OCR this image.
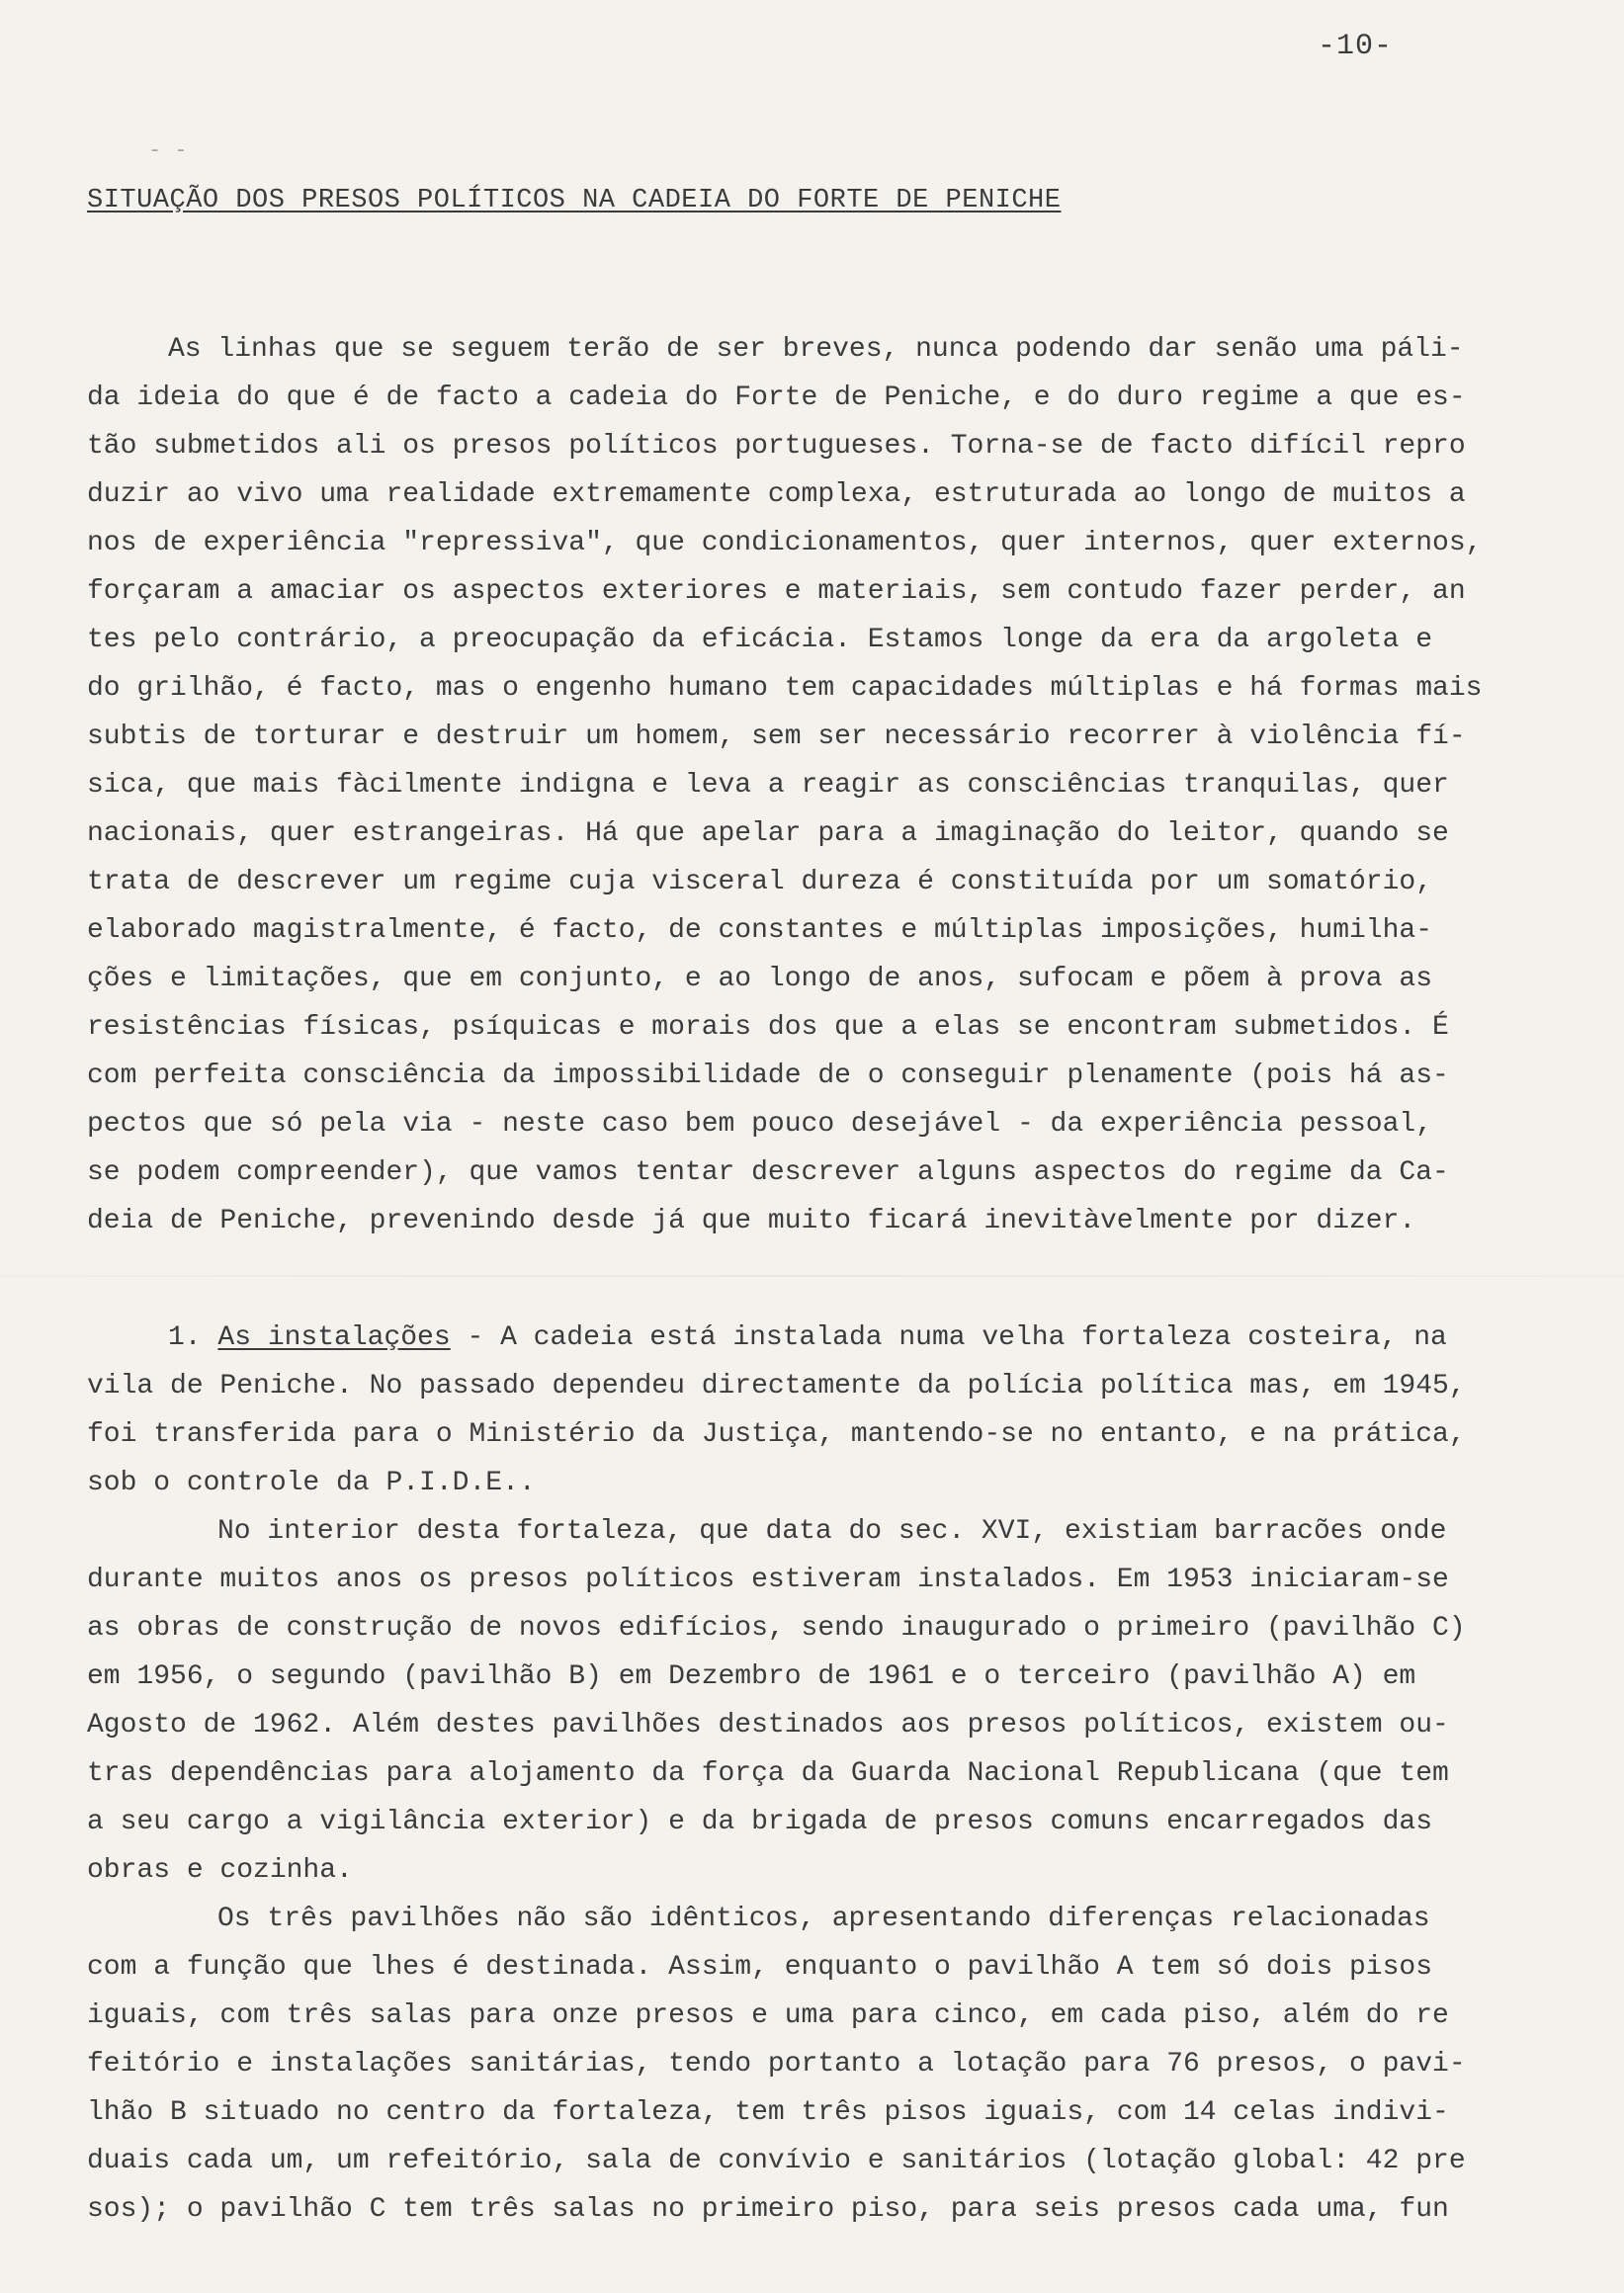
- -
-10-
SITUAÇÃO DOS PRESOS POLÍTICOS NA CADEIA DO FORTE DE PENICHE
As linhas que se seguem terão de ser breves, nunca podendo dar senão uma páli-
da ideia do que é de facto a cadeia do Forte de Peniche, e do duro regime a que es-
tão submetidos ali os presos políticos portugueses. Torna-se de facto difícil repro
duzir ao vivo uma realidade extremamente complexa, estruturada ao longo de muitos a
nos de experiência "repressiva", que condicionamentos, quer internos, quer externos,
forçaram a amaciar os aspectos exteriores e materiais, sem contudo fazer perder, an
tes pelo contrário, a preocupação da eficácia. Estamos longe da era da argoleta e
do grilhão, é facto, mas o engenho humano tem capacidades múltiplas e há formas mais
subtis de torturar e destruir um homem, sem ser necessário recorrer à violência fí-
sica, que mais fàcilmente indigna e leva a reagir as consciências tranquilas, quer
nacionais, quer estrangeiras. Há que apelar para a imaginação do leitor, quando se
trata de descrever um regime cuja visceral dureza é constituída por um somatório,
elaborado magistralmente, é facto, de constantes e múltiplas imposições, humilha-
ções e limitações, que em conjunto, e ao longo de anos, sufocam e põem à prova as
resistências físicas, psíquicas e morais dos que a elas se encontram submetidos. É
com perfeita consciência da impossibilidade de o conseguir plenamente (pois há as-
pectos que só pela via - neste caso bem pouco desejável - da experiência pessoal,
se podem compreender), que vamos tentar descrever alguns aspectos do regime da Ca-
deia de Peniche, prevenindo desde já que muito ficará inevitàvelmente por dizer.
1. As instalações - A cadeia está instalada numa velha fortaleza costeira, na
vila de Peniche. No passado dependeu directamente da polícia política mas, em 1945,
foi transferida para o Ministério da Justiça, mantendo-se no entanto, e na prática,
sob o controle da P.I.D.E..
No interior desta fortaleza, que data do sec. XVI, existiam barracões onde
durante muitos anos os presos políticos estiveram instalados. Em 1953 iniciaram-se
as obras de construção de novos edifícios, sendo inaugurado o primeiro (pavilhão C)
em 1956, o segundo (pavilhão B) em Dezembro de 1961 e o terceiro (pavilhão A) em
Agosto de 1962. Além destes pavilhões destinados aos presos políticos, existem ou-
tras dependências para alojamento da força da Guarda Nacional Republicana (que tem
a seu cargo a vigilância exterior) e da brigada de presos comuns encarregados das
obras e cozinha.
Os três pavilhões não são idênticos, apresentando diferenças relacionadas
com a função que lhes é destinada. Assim, enquanto o pavilhão A tem só dois pisos
iguais, com três salas para onze presos e uma para cinco, em cada piso, além do re
feitório e instalações sanitárias, tendo portanto a lotação para 76 presos, o pavi-
lhão B situado no centro da fortaleza, tem três pisos iguais, com 14 celas indivi-
duais cada um, um refeitório, sala de convívio e sanitários (lotação global: 42 pre
sos); o pavilhão C tem três salas no primeiro piso, para seis presos cada uma, fun
